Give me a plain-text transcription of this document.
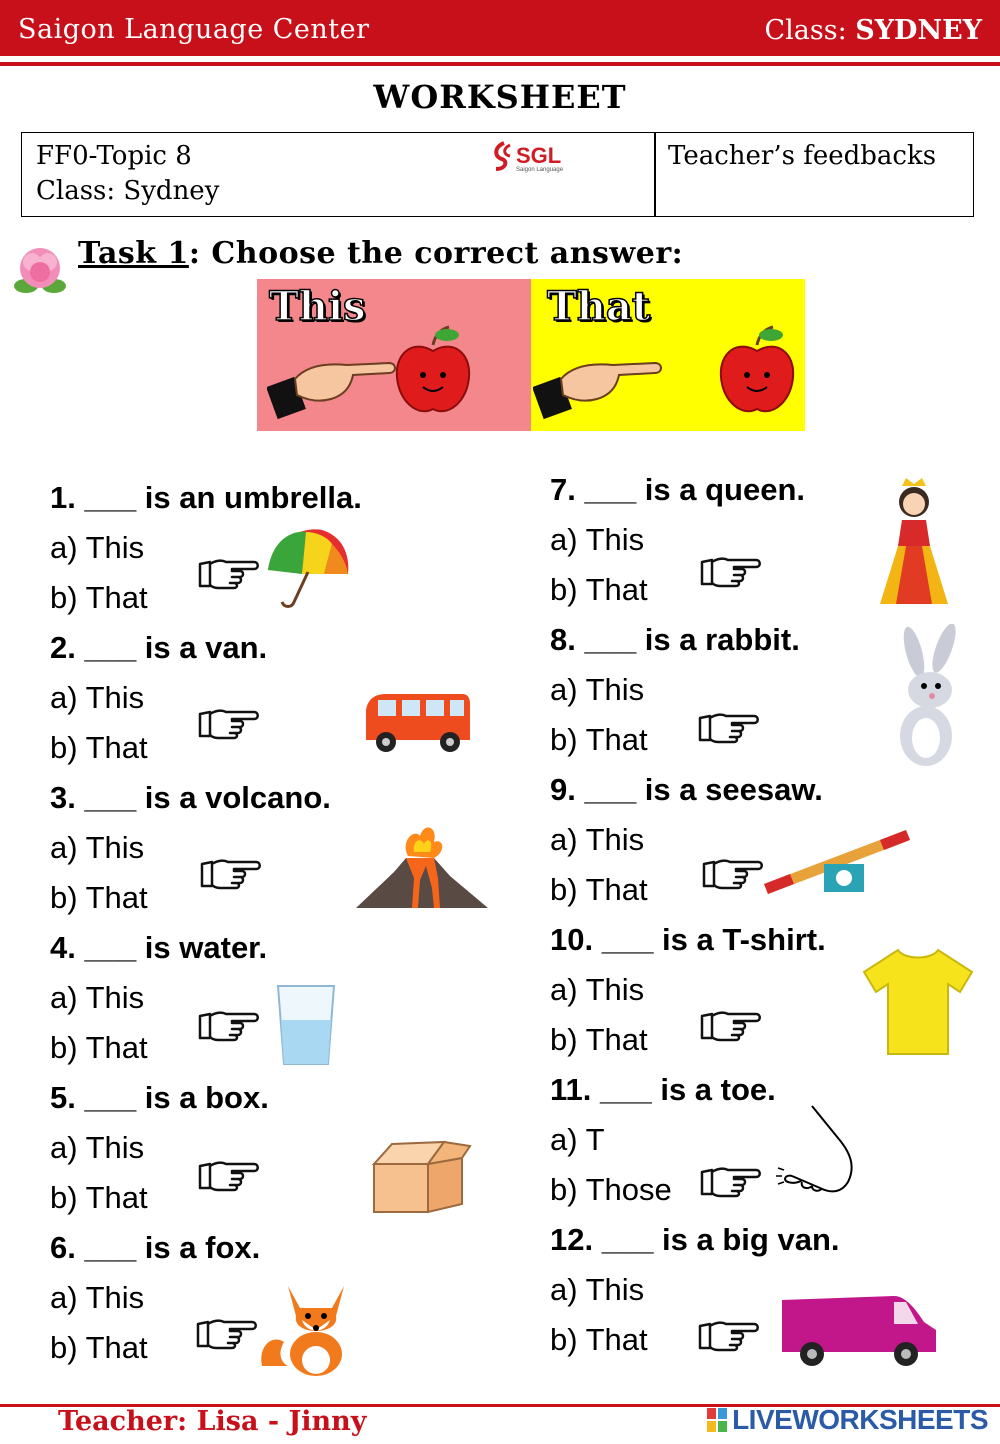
Saigon Language Center	Class: SYDNEY
WORKSHEET
FF0-Topic 8
Class: Sydney
SGL
Saigon Language	Teacher’s feedbacks
Task 1: Choose the correct answer:
This	That
1. ___ is an umbrella.
a) This
b) That
2. ___ is a van.
a) This
b) That
3. ___ is a volcano.
a) This
b) That
4. ___ is water.
a) This
b) That
5. ___ is a box.
a) This
b) That
6. ___ is a fox.
a) This
b) That
7. ___ is a queen.
a) This
b) That
8. ___ is a rabbit.
a) This
b) That
9. ___ is a seesaw.
a) This
b) That
10. ___ is a T-shirt.
a) This
b) That
11. ___ is a toe.
a) T
b) Those
12. ___ is a big van.
a) This
b) That
Teacher: Lisa - Jinny	LIVEWORKSHEETS
